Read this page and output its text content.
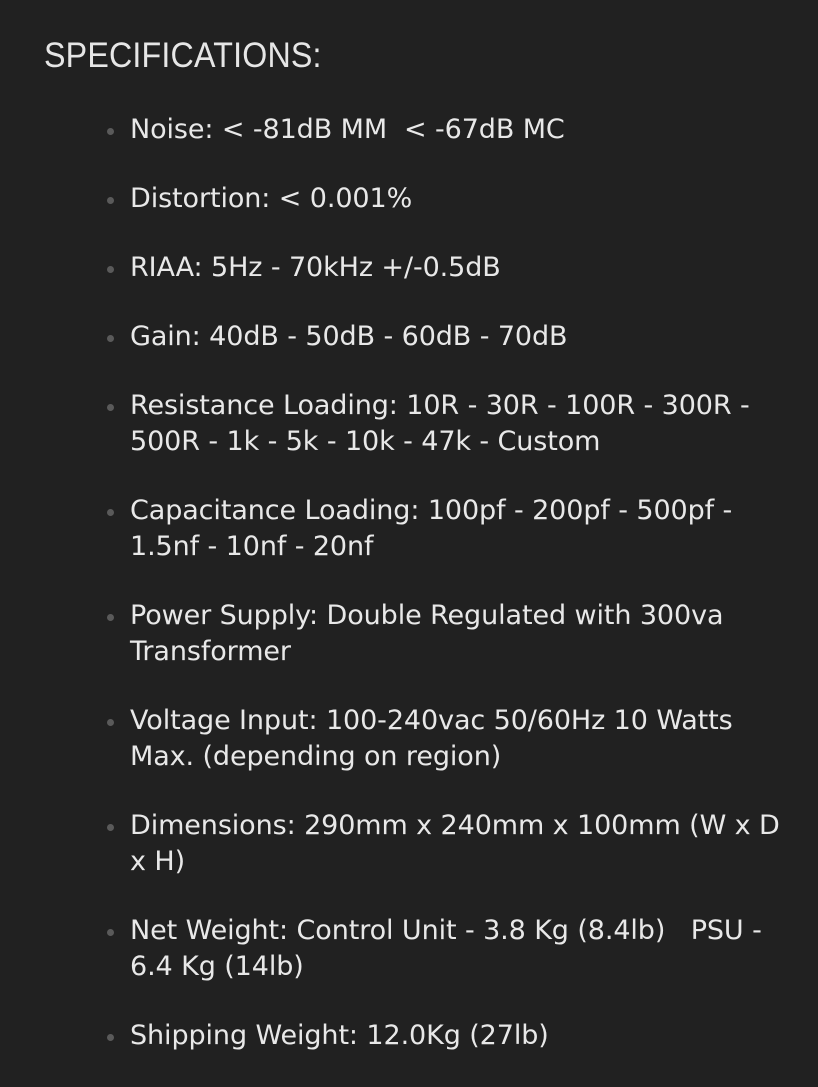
SPECIFICATIONS:
Noise: < -81dB MM  < -67dB MC
Distortion: < 0.001%
RIAA: 5Hz - 70kHz +/-0.5dB
Gain: 40dB - 50dB - 60dB - 70dB
Resistance Loading: 10R - 30R - 100R - 300R - 500R - 1k - 5k - 10k - 47k - Custom
Capacitance Loading: 100pf - 200pf - 500pf - 1.5nf - 10nf - 20nf
Power Supply: Double Regulated with 300va Transformer
Voltage Input: 100-240vac 50/60Hz 10 Watts Max. (depending on region)
Dimensions: 290mm x 240mm x 100mm (W x D x H)
Net Weight: Control Unit - 3.8 Kg (8.4lb)   PSU - 6.4 Kg (14lb)
Shipping Weight: 12.0Kg (27lb)
